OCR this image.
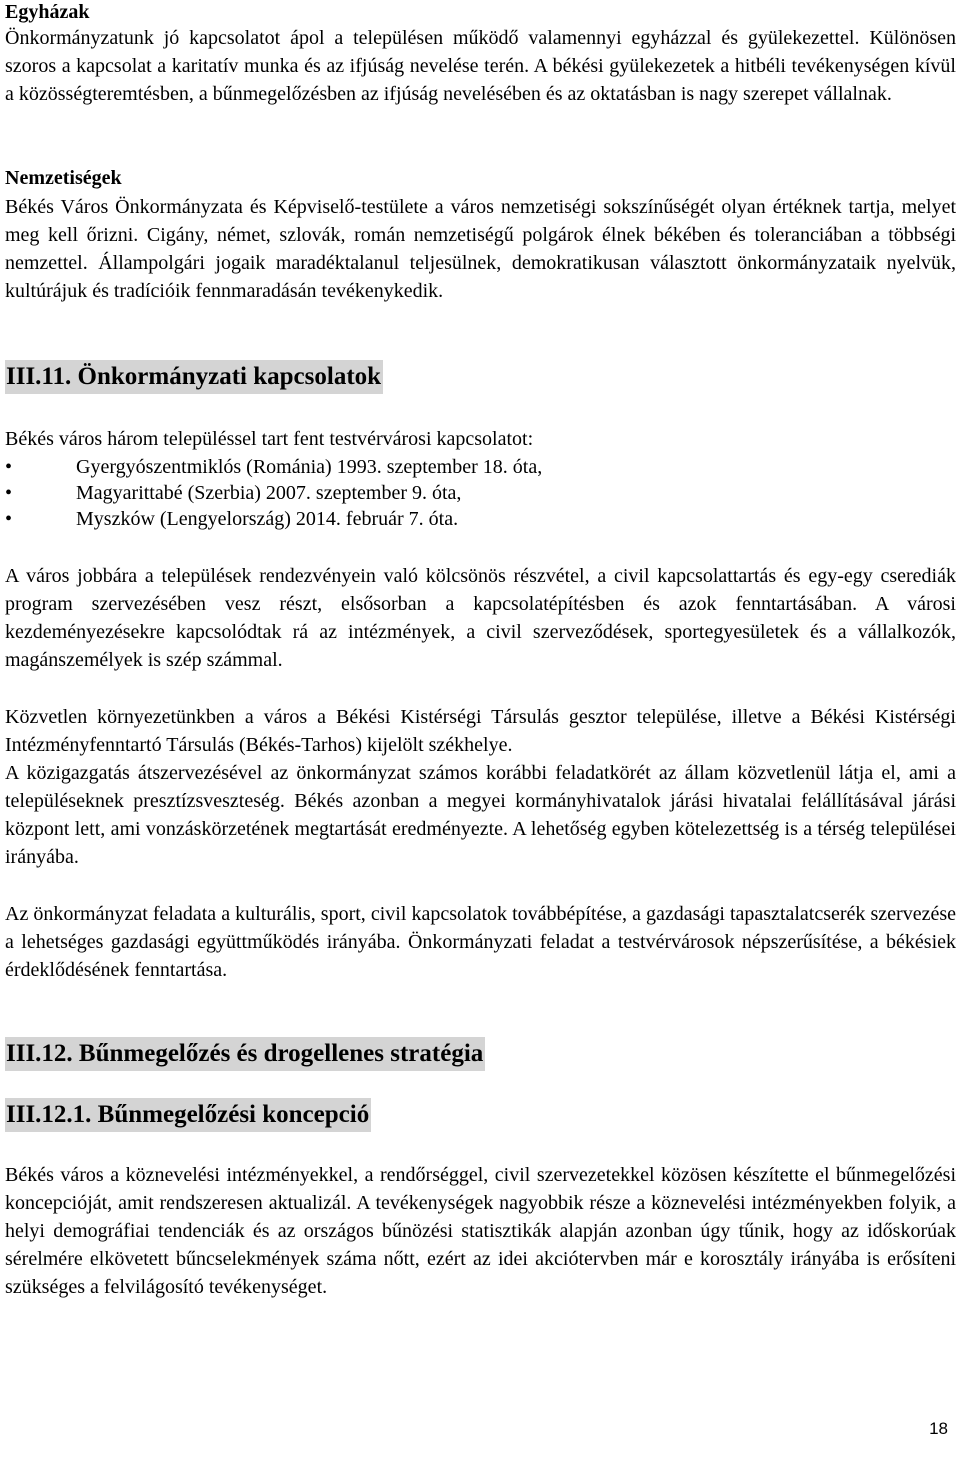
Egyházak

Önkormányzatunk jó kapcsolatot ápol a településen működő valamennyi egyházzal és gyülekezettel. Különösen szoros a kapcsolat a karitatív munka és az ifjúság nevelése terén. A békési gyülekezetek a hitbéli tevékenységen kívül a közösségteremtésben, a bűnmegelőzésben az ifjúság nevelésében és az oktatásban is nagy szerepet vállalnak.

Nemzetiségek

Békés Város Önkormányzata és Képviselő-testülete a város nemzetiségi sokszínűségét olyan értéknek tartja, melyet meg kell őrizni. Cigány, német, szlovák, román nemzetiségű polgárok élnek békében és toleranciában a többségi nemzettel. Állampolgári jogaik maradéktalanul teljesülnek, demokratikusan választott önkormányzataik nyelvük, kultúrájuk és tradícióik fennmaradásán tevékenykedik.

III.11. Önkormányzati kapcsolatok

Békés város három településsel tart fent testvérvárosi kapcsolatot:

•	Gyergyószentmiklós (Románia) 1993. szeptember 18. óta,
•	Magyarittabé (Szerbia) 2007. szeptember 9. óta,
•	Myszków (Lengyelország) 2014. február 7. óta.

A város jobbára a települések rendezvényein való kölcsönös részvétel, a civil kapcsolattartás és egy-egy cserediák program szervezésében vesz részt, elsősorban a kapcsolatépítésben és azok fenntartásában. A városi kezdeményezésekre kapcsolódtak rá az intézmények, a civil szerveződések, sportegyesületek és a vállalkozók, magánszemélyek is szép számmal.

Közvetlen környezetünkben a város a Békési Kistérségi Társulás gesztor települése, illetve a Békési Kistérségi Intézményfenntartó Társulás (Békés-Tarhos) kijelölt székhelye.

A közigazgatás átszervezésével az önkormányzat számos korábbi feladatkörét az állam közvetlenül látja el, ami a településeknek presztízsveszteség. Békés azonban a megyei kormányhivatalok járási hivatalai felállításával járási központ lett, ami vonzáskörzetének megtartását eredményezte. A lehetőség egyben kötelezettség is a térség települései irányába.

Az önkormányzat feladata a kulturális, sport, civil kapcsolatok továbbépítése, a gazdasági tapasztalatcserék szervezése a lehetséges gazdasági együttműködés irányába. Önkormányzati feladat a testvérvárosok népszerűsítése, a békésiek érdeklődésének fenntartása.

III.12. Bűnmegelőzés és drogellenes stratégia
III.12.1. Bűnmegelőzési koncepció

Békés város a köznevelési intézményekkel, a rendőrséggel, civil szervezetekkel közösen készítette el bűnmegelőzési koncepcióját, amit rendszeresen aktualizál. A tevékenységek nagyobbik része a köznevelési intézményekben folyik, a helyi demográfiai tendenciák és az országos bűnözési statisztikák alapján azonban úgy tűnik, hogy az időskorúak sérelmére elkövetett bűncselekmények száma nőtt, ezért az idei akciótervben már e korosztály irányába is erősíteni szükséges a felvilágosító tevékenységet.

18
